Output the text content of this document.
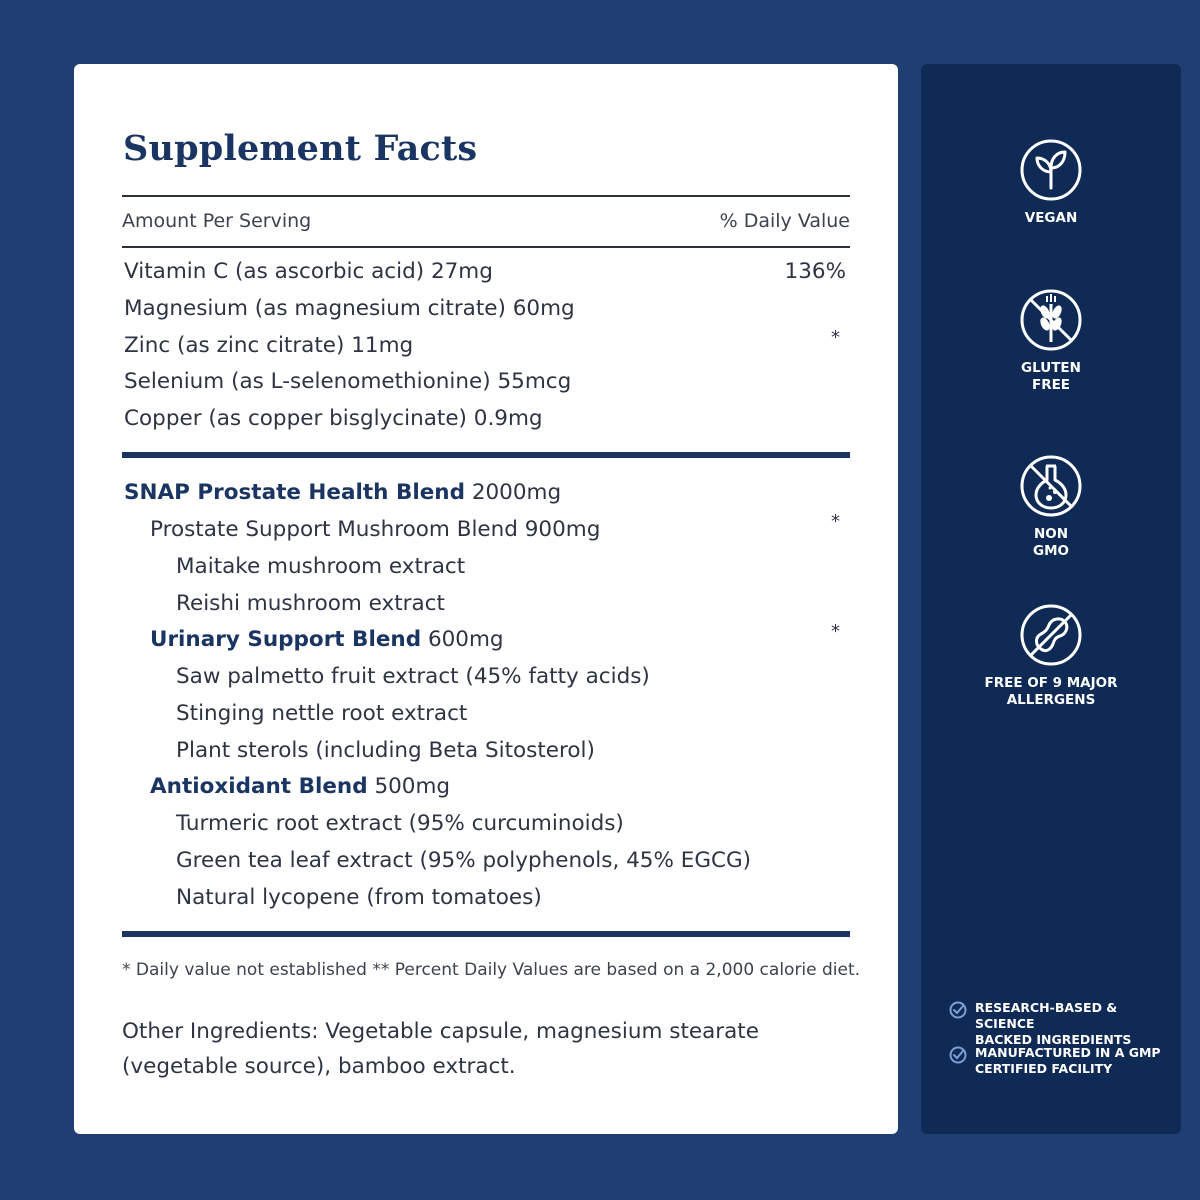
Supplement Facts
Amount Per Serving	% Daily Value
Vitamin C (as ascorbic acid) 27mg	136%
Magnesium (as magnesium citrate) 60mg
Zinc (as zinc citrate) 11mg	*
Selenium (as L-selenomethionine) 55mcg
Copper (as copper bisglycinate) 0.9mg
SNAP Prostate Health Blend 2000mg
Prostate Support Mushroom Blend 900mg	*
Maitake mushroom extract
Reishi mushroom extract
Urinary Support Blend 600mg	*
Saw palmetto fruit extract (45% fatty acids)
Stinging nettle root extract
Plant sterols (including Beta Sitosterol)
Antioxidant Blend 500mg
Turmeric root extract (95% curcuminoids)
Green tea leaf extract (95% polyphenols, 45% EGCG)
Natural lycopene (from tomatoes)
* Daily value not established ** Percent Daily Values are based on a 2,000 calorie diet.
Other Ingredients: Vegetable capsule, magnesium stearate (vegetable source), bamboo extract.
VEGAN
GLUTEN
FREE
NON
GMO
FREE OF 9 MAJOR
ALLERGENS
RESEARCH-BASED & SCIENCE
BACKED INGREDIENTS
MANUFACTURED IN A GMP
CERTIFIED FACILITY
